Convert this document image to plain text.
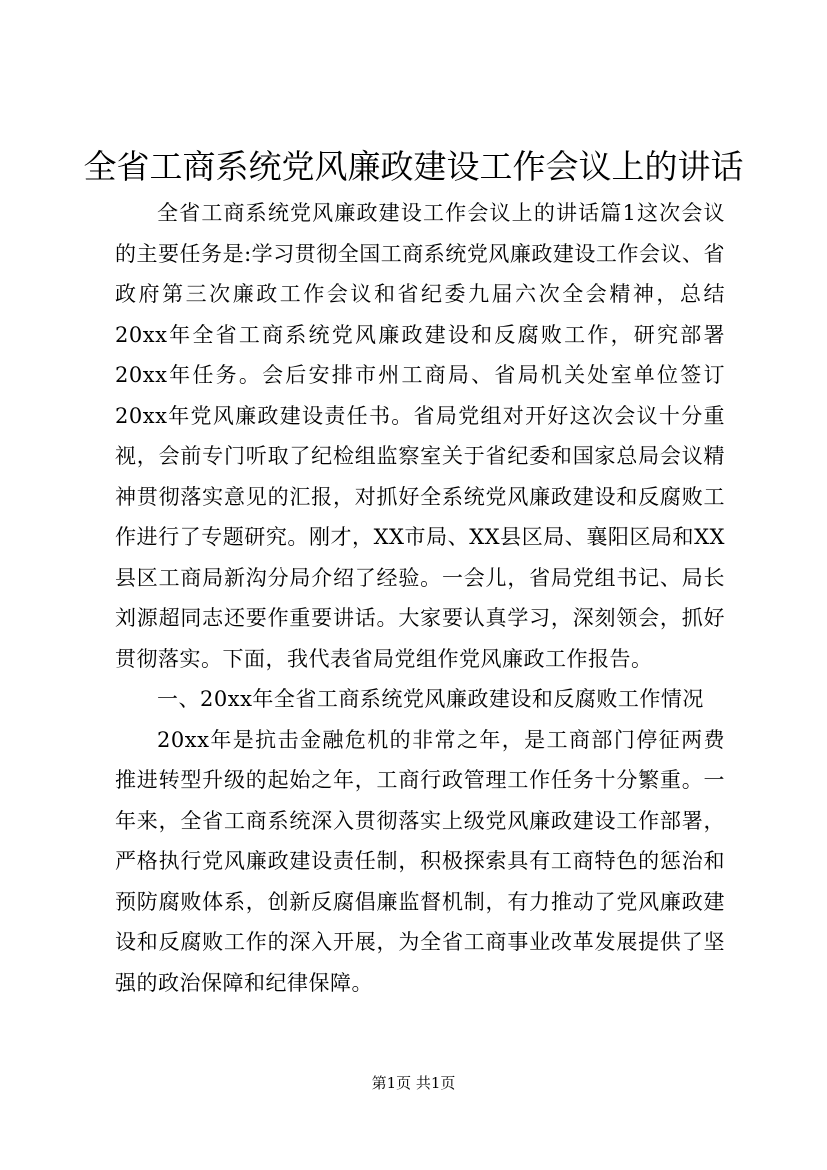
全省工商系统党风廉政建设工作会议上的讲话

全省工商系统党风廉政建设工作会议上的讲话篇1这次会议的主要任务是:学习贯彻全国工商系统党风廉政建设工作会议、省政府第三次廉政工作会议和省纪委九届六次全会精神，总结20xx年全省工商系统党风廉政建设和反腐败工作，研究部署20xx年任务。会后安排市州工商局、省局机关处室单位签订20xx年党风廉政建设责任书。省局党组对开好这次会议十分重视，会前专门听取了纪检组监察室关于省纪委和国家总局会议精神贯彻落实意见的汇报，对抓好全系统党风廉政建设和反腐败工作进行了专题研究。刚才，XX市局、XX县区局、襄阳区局和XX县区工商局新沟分局介绍了经验。一会儿，省局党组书记、局长刘源超同志还要作重要讲话。大家要认真学习，深刻领会，抓好贯彻落实。下面，我代表省局党组作党风廉政工作报告。

一、20xx年全省工商系统党风廉政建设和反腐败工作情况

20xx年是抗击金融危机的非常之年，是工商部门停征两费推进转型升级的起始之年，工商行政管理工作任务十分繁重。一年来，全省工商系统深入贯彻落实上级党风廉政建设工作部署，严格执行党风廉政建设责任制，积极探索具有工商特色的惩治和预防腐败体系，创新反腐倡廉监督机制，有力推动了党风廉政建设和反腐败工作的深入开展，为全省工商事业改革发展提供了坚强的政治保障和纪律保障。

第1页 共1页
